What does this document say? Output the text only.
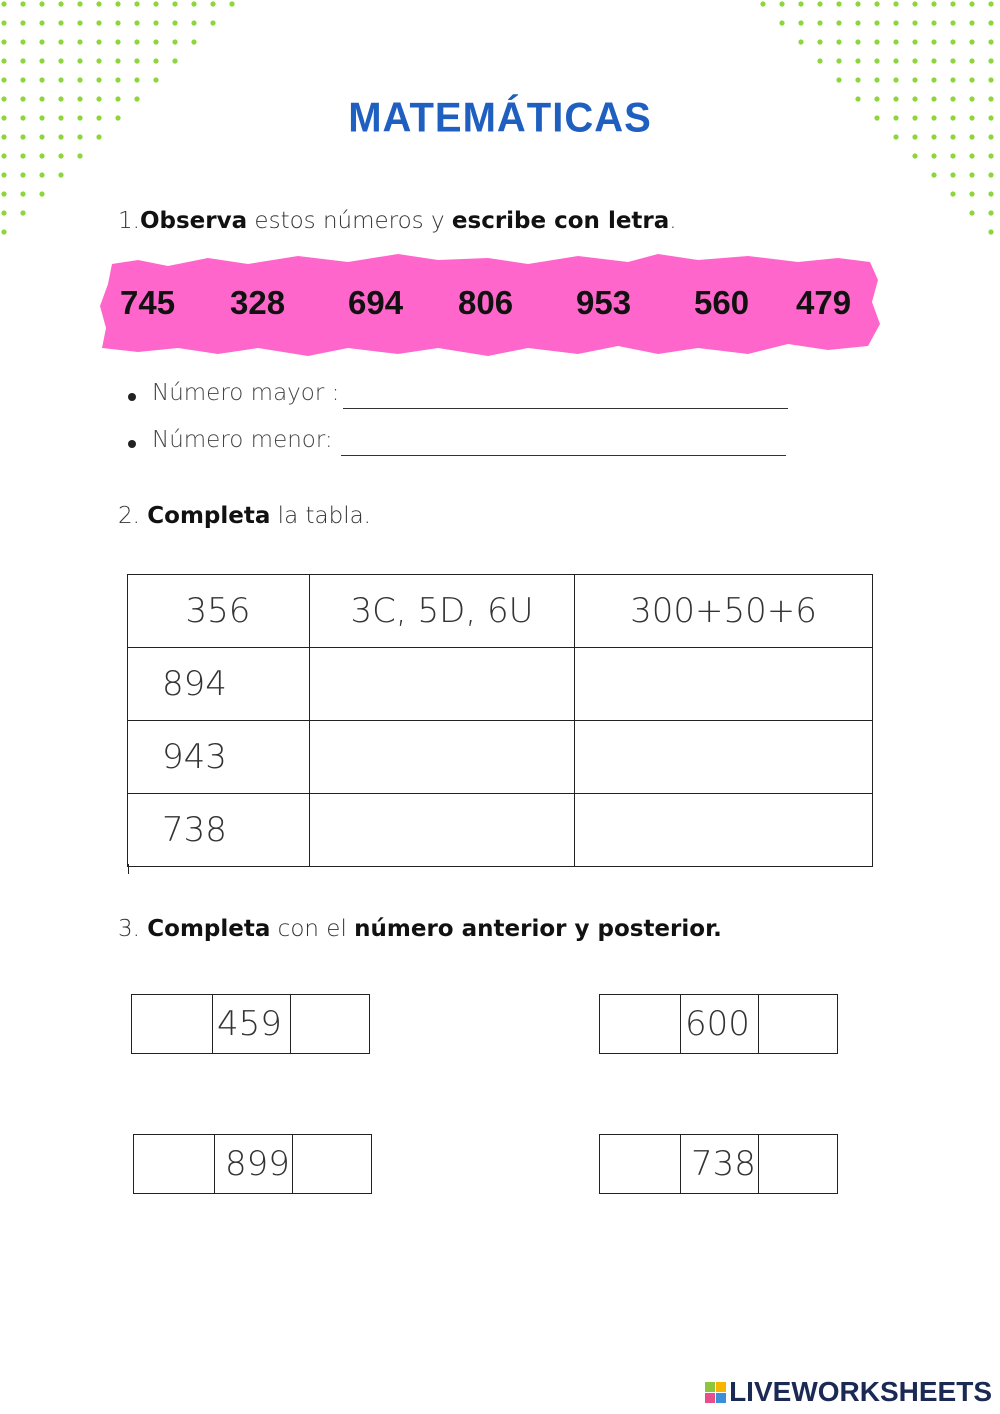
MATEMÁTICAS
1.Observa estos números y escribe con letra.
745 328 694 806 953 560 479
Número mayor :
Número menor:
2. Completa la tabla.
356	3C, 5D, 6U	300+50+6
894		
943		
738		
3. Completa con el número anterior y posterior.
459	600
899	738
LIVEWORKSHEETS
